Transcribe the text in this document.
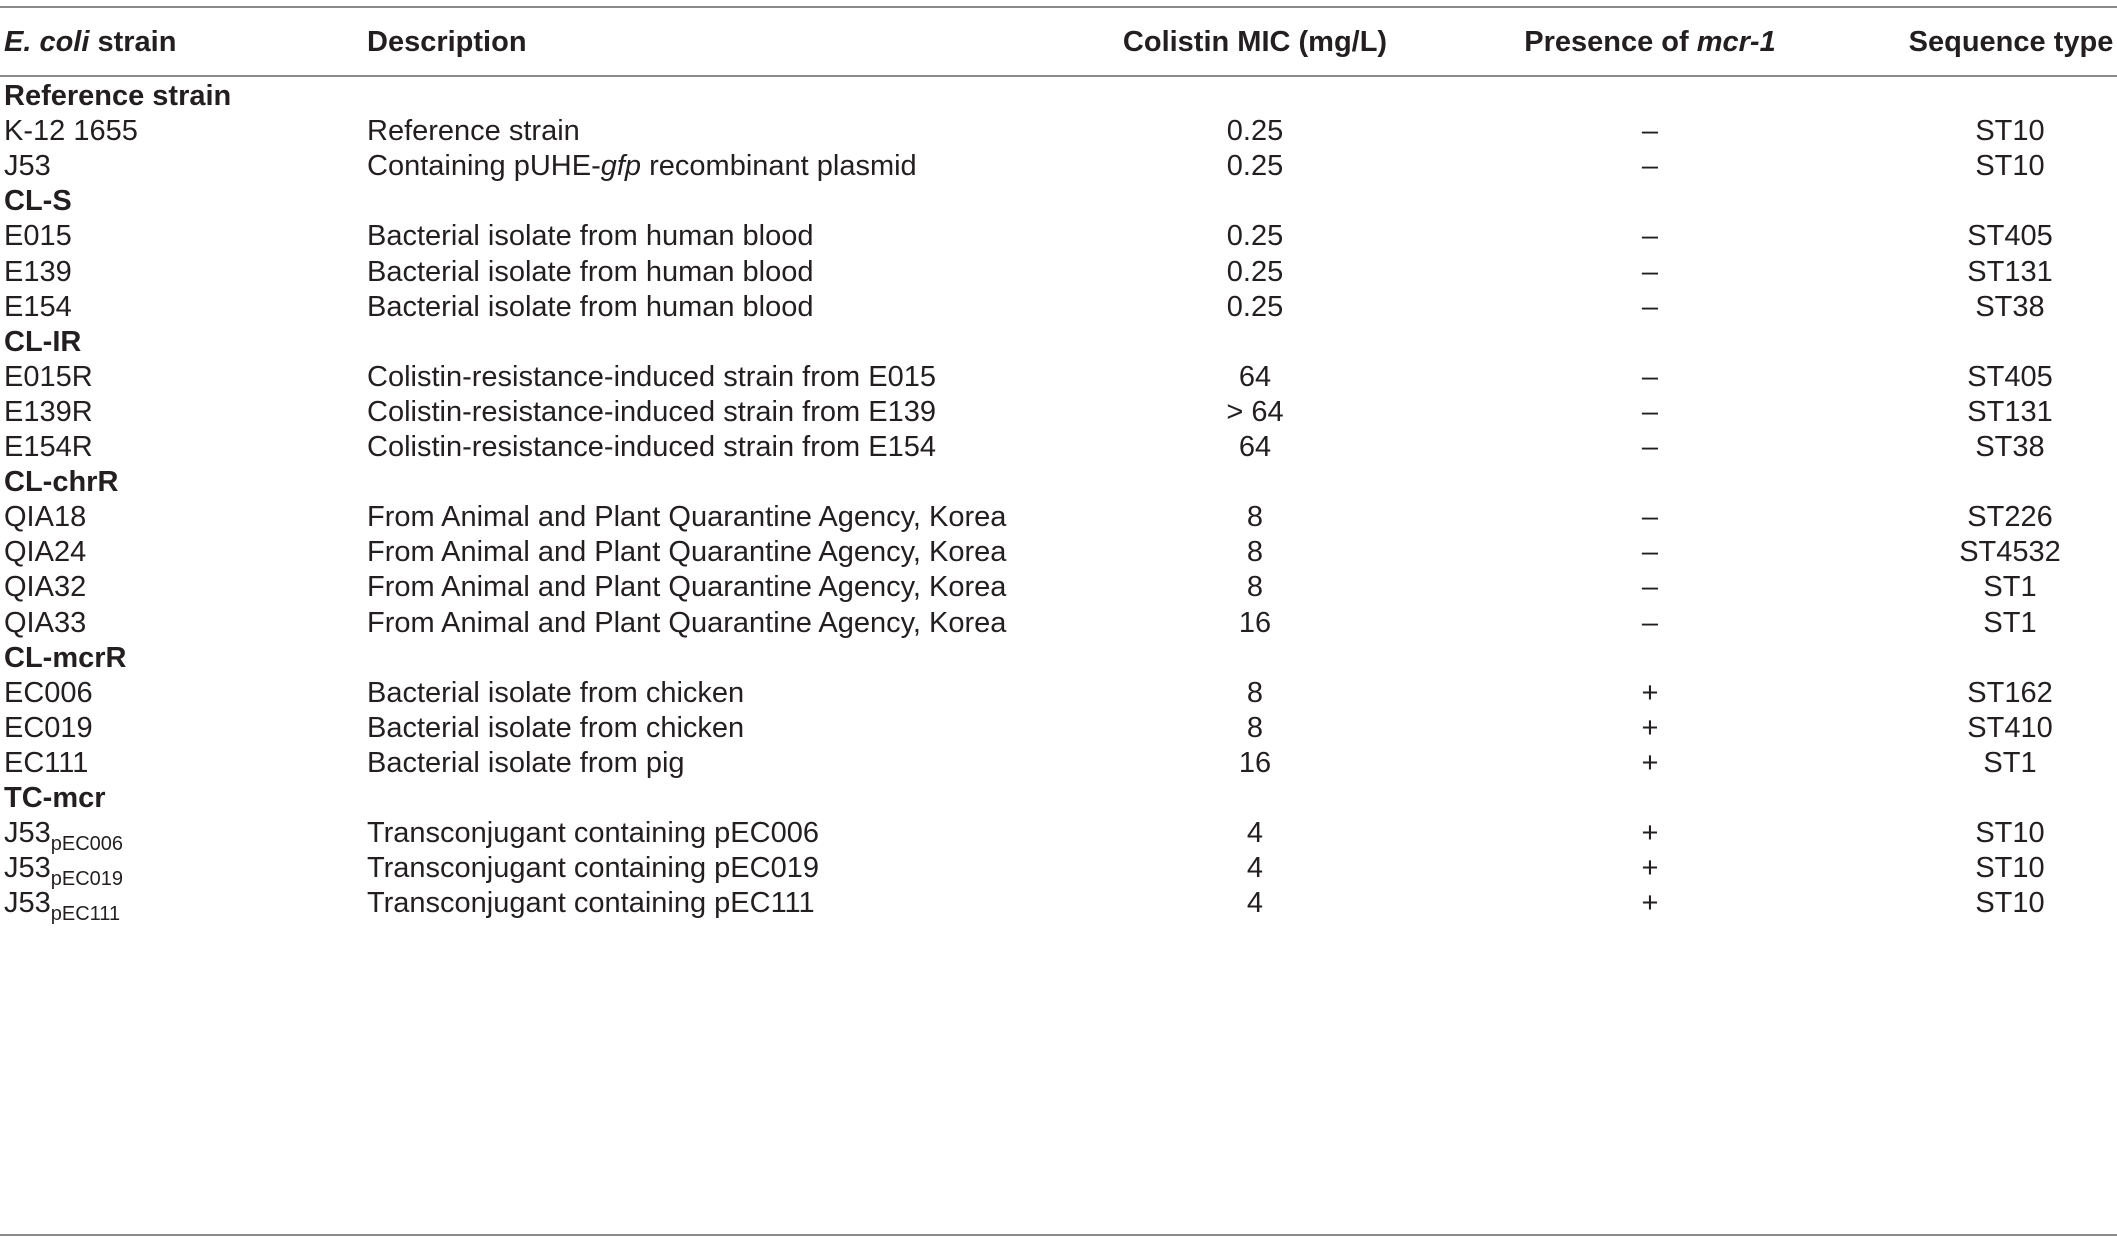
E. coli strain	Description	Colistin MIC (mg/L)	Presence of mcr-1	Sequence type
Reference strain
K-12 1655	Reference strain	0.25	–	ST10
J53	Containing pUHE-gfp recombinant plasmid	0.25	–	ST10
CL-S
E015	Bacterial isolate from human blood	0.25	–	ST405
E139	Bacterial isolate from human blood	0.25	–	ST131
E154	Bacterial isolate from human blood	0.25	–	ST38
CL-IR
E015R	Colistin-resistance-induced strain from E015	64	–	ST405
E139R	Colistin-resistance-induced strain from E139	> 64	–	ST131
E154R	Colistin-resistance-induced strain from E154	64	–	ST38
CL-chrR
QIA18	From Animal and Plant Quarantine Agency, Korea	8	–	ST226
QIA24	From Animal and Plant Quarantine Agency, Korea	8	–	ST4532
QIA32	From Animal and Plant Quarantine Agency, Korea	8	–	ST1
QIA33	From Animal and Plant Quarantine Agency, Korea	16	–	ST1
CL-mcrR
EC006	Bacterial isolate from chicken	8	+	ST162
EC019	Bacterial isolate from chicken	8	+	ST410
EC111	Bacterial isolate from pig	16	+	ST1
TC-mcr
$J53_{pEC006}$	Transconjugant containing pEC006	4	+	ST10
$J53_{pEC019}$	Transconjugant containing pEC019	4	+	ST10
$J53_{pEC111}$	Transconjugant containing pEC111	4	+	ST10
